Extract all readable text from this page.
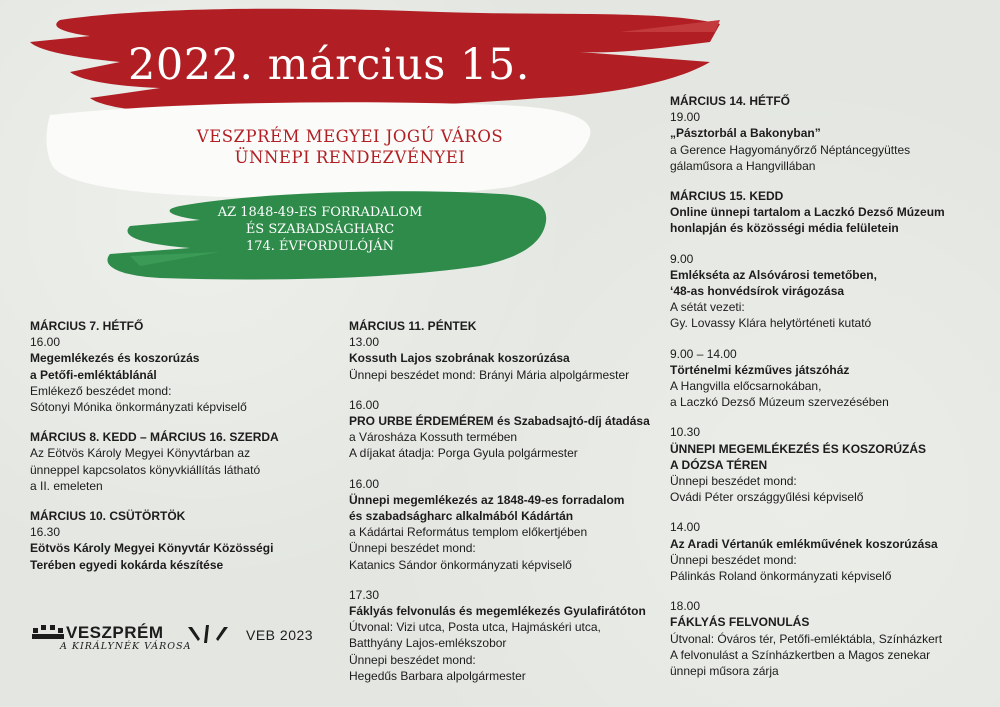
2022. március 15.
VESZPRÉM MEGYEI JOGÚ VÁROS
ÜNNEPI RENDEZVÉNYEI
AZ 1848-49-ES FORRADALOM
ÉS SZABADSÁGHARC
174. ÉVFORDULÓJÁN
MÁRCIUS 7. HÉTFŐ
16.00
Megemlékezés és koszorúzás
a Petőfi-emléktáblánál
Emlékező beszédet mond:
Sótonyi Mónika önkormányzati képviselő
MÁRCIUS 8. KEDD – MÁRCIUS 16. SZERDA
Az Eötvös Károly Megyei Könyvtárban az
ünneppel kapcsolatos könyvkiállítás látható
a II. emeleten
MÁRCIUS 10. CSÜTÖRTÖK
16.30
Eötvös Károly Megyei Könyvtár Közösségi
Terében egyedi kokárda készítése
MÁRCIUS 11. PÉNTEK
13.00
Kossuth Lajos szobrának koszorúzása
Ünnepi beszédet mond: Brányi Mária alpolgármester
16.00
PRO URBE ÉRDEMÉREM és Szabadsajtó-díj átadása
a Városháza Kossuth termében
A díjakat átadja: Porga Gyula polgármester
16.00
Ünnepi megemlékezés az 1848-49-es forradalom
és szabadságharc alkalmából Kádártán
a Kádártai Református templom előkertjében
Ünnepi beszédet mond:
Katanics Sándor önkormányzati képviselő
17.30
Fáklyás felvonulás és megemlékezés Gyulafirátóton
Útvonal: Vizi utca, Posta utca, Hajmáskéri utca,
Batthyány Lajos-emlékszobor
Ünnepi beszédet mond:
Hegedűs Barbara alpolgármester
MÁRCIUS 14. HÉTFŐ
19.00
„Pásztorbál a Bakonyban”
a Gerence Hagyományőrző Néptáncegyüttes
gálaműsora a Hangvillában
MÁRCIUS 15. KEDD
Online ünnepi tartalom a Laczkó Dezső Múzeum
honlapján és közösségi média felületein
9.00
Emlékséta az Alsóvárosi temetőben,
‘48-as honvédsírok virágozása
A sétát vezeti:
Gy. Lovassy Klára helytörténeti kutató
9.00 – 14.00
Történelmi kézműves játszóház
A Hangvilla előcsarnokában,
a Laczkó Dezső Múzeum szervezésében
10.30
ÜNNEPI MEGEMLÉKEZÉS ÉS KOSZORÚZÁS
A DÓZSA TÉREN
Ünnepi beszédet mond:
Ovádi Péter országgyűlési képviselő
14.00
Az Aradi Vértanúk emlékművének koszorúzása
Ünnepi beszédet mond:
Pálinkás Roland önkormányzati képviselő
18.00
FÁKLYÁS FELVONULÁS
Útvonal: Óváros tér, Petőfi-emléktábla, Színházkert
A felvonulást a Színházkertben a Magos zenekar
ünnepi műsora zárja
VESZPRÉM
A KIRÁLYNÉK VÁROSA
VEB 2023
